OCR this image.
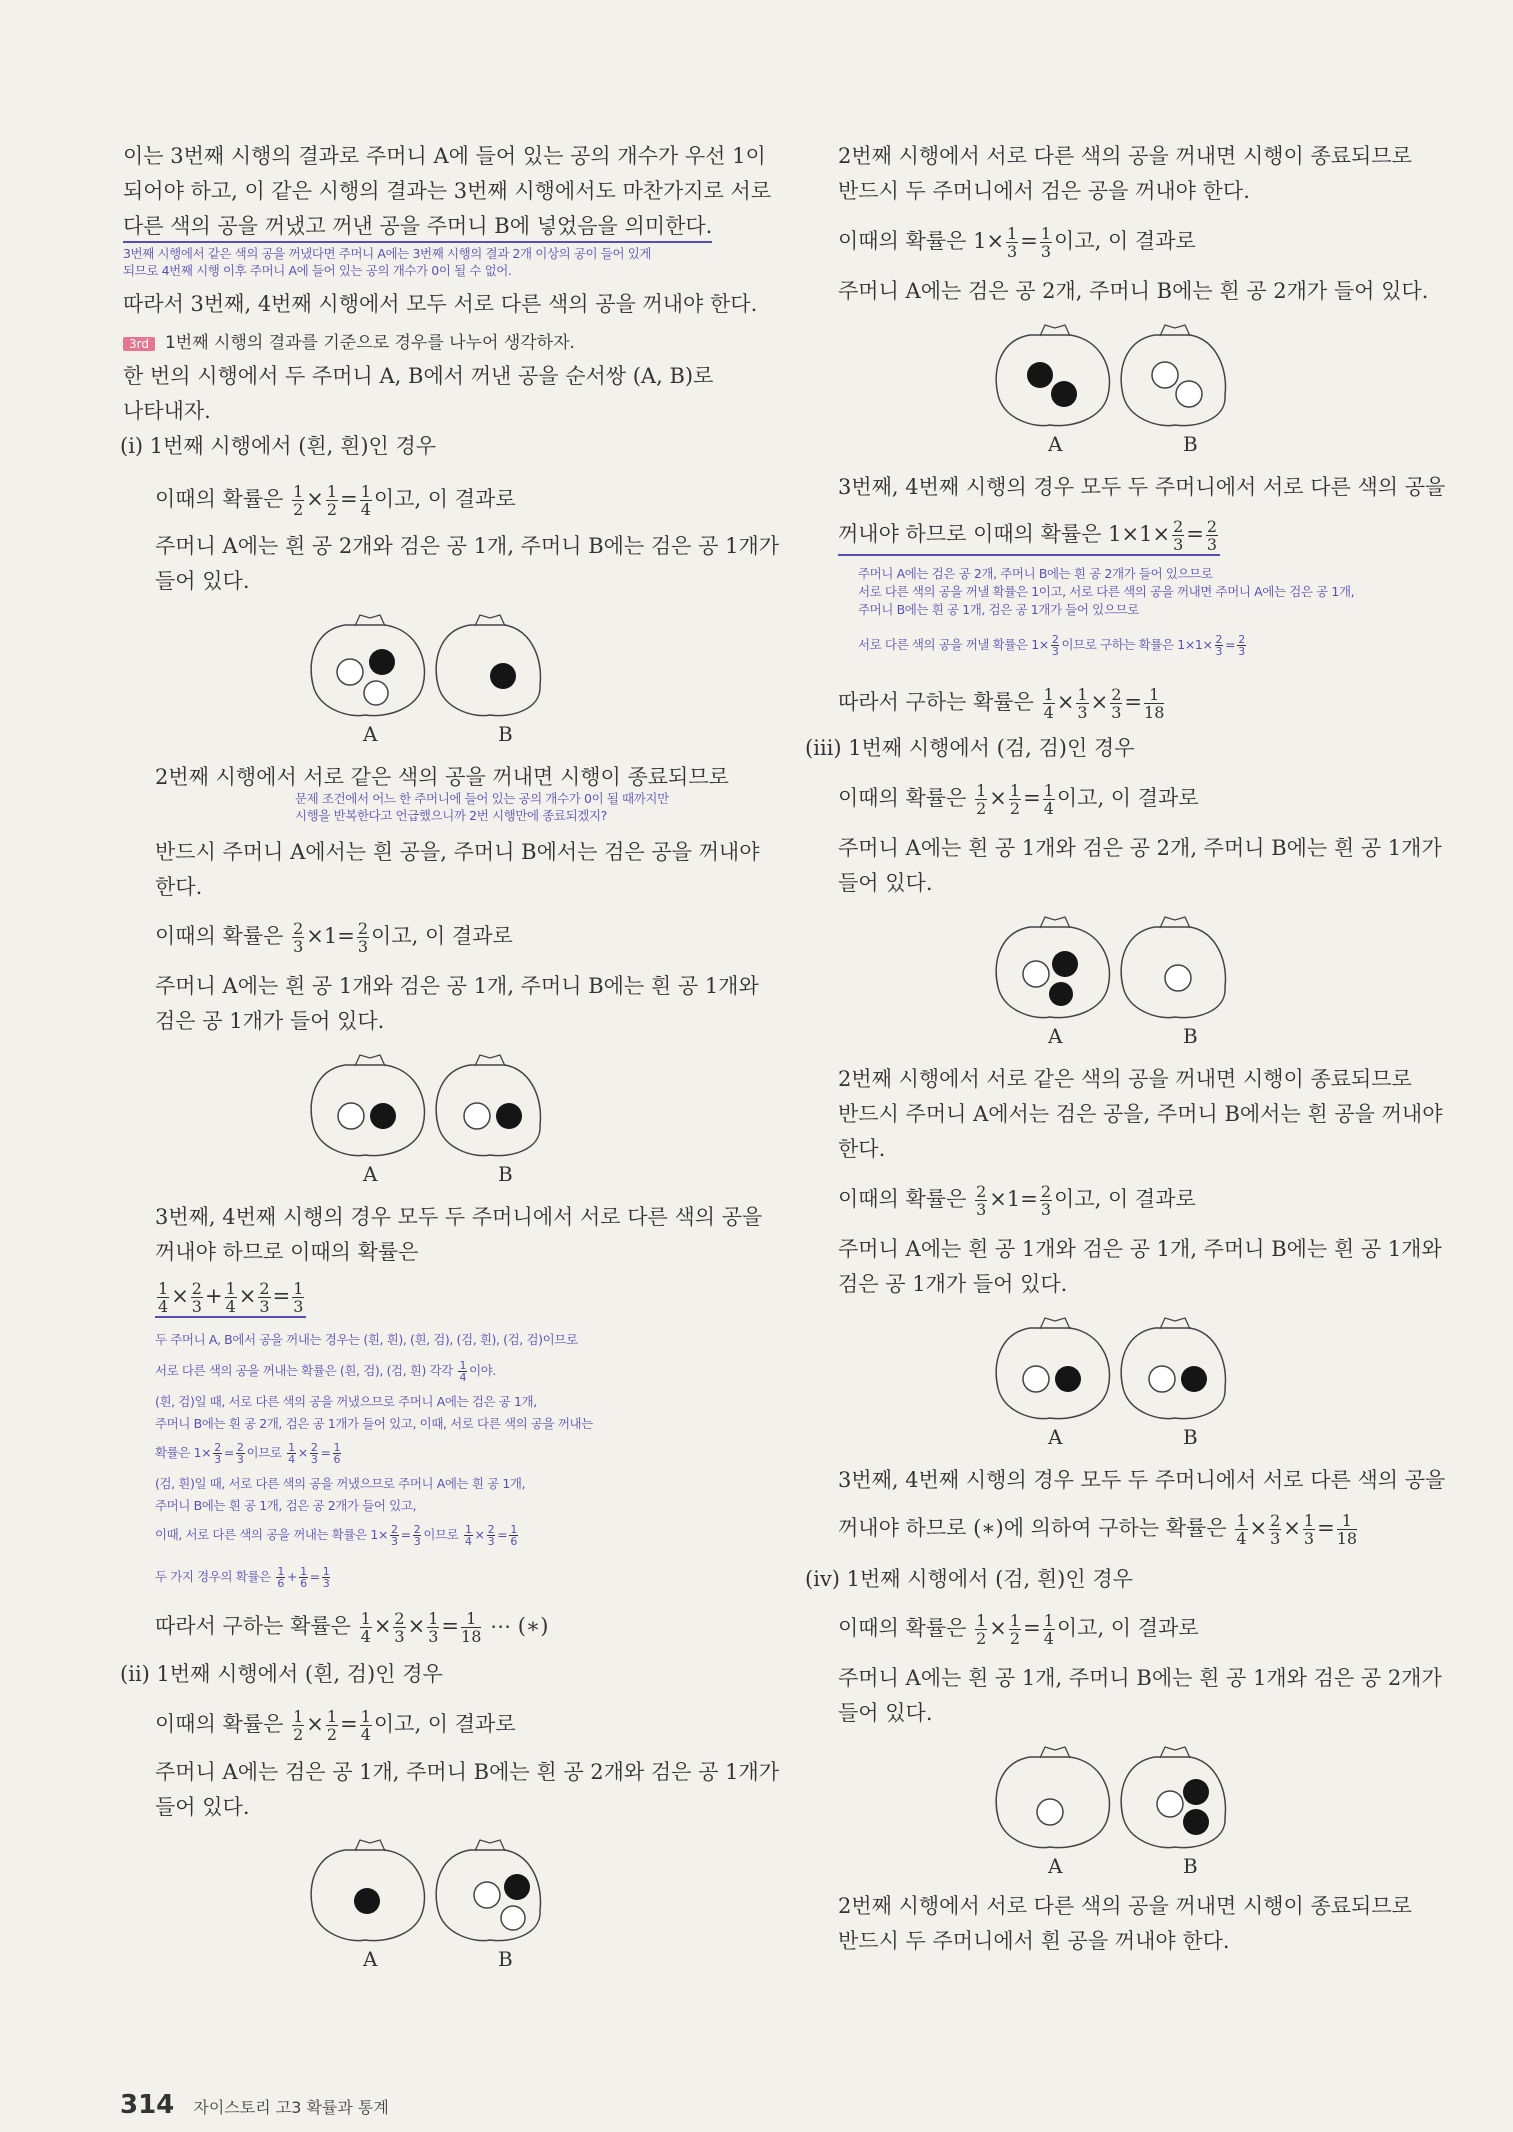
이는 3번째 시행의 결과로 주머니 A에 들어 있는 공의 개수가 우선 1이
되어야 하고, 이 같은 시행의 결과는 3번째 시행에서도 마찬가지로 서로
다른 색의 공을 꺼냈고 꺼낸 공을 주머니 B에 넣었음을 의미한다.
3번째 시행에서 같은 색의 공을 꺼냈다면 주머니 A에는 3번째 시행의 결과 2개 이상의 공이 들어 있게
되므로 4번째 시행 이후 주머니 A에 들어 있는 공의 개수가 0이 될 수 없어.
따라서 3번째, 4번째 시행에서 모두 서로 다른 색의 공을 꺼내야 한다.
3rd 1번째 시행의 결과를 기준으로 경우를 나누어 생각하자.
한 번의 시행에서 두 주머니 A, B에서 꺼낸 공을 순서쌍 (A, B)로
나타내자.
(ⅰ) 1번째 시행에서 (흰, 흰)인 경우
이때의 확률은 $\frac{1}{2} \times \frac{1}{2} = \frac{1}{4}$ 이고, 이 결과로
주머니 A에는 흰 공 2개와 검은 공 1개, 주머니 B에는 검은 공 1개가
들어 있다.
A	B
2번째 시행에서 서로 같은 색의 공을 꺼내면 시행이 종료되므로
문제 조건에서 어느 한 주머니에 들어 있는 공의 개수가 0이 될 때까지만
시행을 반복한다고 언급했으니까 2번 시행만에 종료되겠지?
반드시 주머니 A에서는 흰 공을, 주머니 B에서는 검은 공을 꺼내야
한다.
이때의 확률은 $\frac{2}{3} \times 1= \frac{2}{3}$ 이고, 이 결과로
주머니 A에는 흰 공 1개와 검은 공 1개, 주머니 B에는 흰 공 1개와
검은 공 1개가 들어 있다.
A	B
3번째, 4번째 시행의 경우 모두 두 주머니에서 서로 다른 색의 공을
꺼내야 하므로 이때의 확률은
$\frac{1}{4} \times \frac{2}{3} + \frac{1}{4} \times \frac{2}{3} = \frac{1}{3}$
두 주머니 A, B에서 공을 꺼내는 경우는 (흰, 흰), (흰, 검), (검, 흰), (검, 검)이므로
서로 다른 색의 공을 꺼내는 확률은 (흰, 검), (검, 흰) 각각 $\frac{1}{4}$ 이야.
(흰, 검)일 때, 서로 다른 색의 공을 꺼냈으므로 주머니 A에는 검은 공 1개,
주머니 B에는 흰 공 2개, 검은 공 1개가 들어 있고, 이때, 서로 다른 색의 공을 꺼내는
확률은 $1\times \frac{2}{3} = \frac{2}{3}$ 이므로 $\frac{1}{4} \times \frac{2}{3} = \frac{1}{6}$
(검, 흰)일 때, 서로 다른 색의 공을 꺼냈으므로 주머니 A에는 흰 공 1개,
주머니 B에는 흰 공 1개, 검은 공 2개가 들어 있고,
이때, 서로 다른 색의 공을 꺼내는 확률은 $1\times \frac{2}{3} = \frac{2}{3}$ 이므로 $\frac{1}{4} \times \frac{2}{3} = \frac{1}{6}$
두 가지 경우의 확률은 $\frac{1}{6} + \frac{1}{6} = \frac{1}{3}$
따라서 구하는 확률은 $\frac{1}{4} \times \frac{2}{3} \times \frac{1}{3} = \frac{1}{18}$ ⋯ (∗)
(ⅱ) 1번째 시행에서 (흰, 검)인 경우
이때의 확률은 $\frac{1}{2} \times \frac{1}{2} = \frac{1}{4}$ 이고, 이 결과로
주머니 A에는 검은 공 1개, 주머니 B에는 흰 공 2개와 검은 공 1개가
들어 있다.
A	B
2번째 시행에서 서로 다른 색의 공을 꺼내면 시행이 종료되므로
반드시 두 주머니에서 검은 공을 꺼내야 한다.
이때의 확률은 $1\times \frac{1}{3} = \frac{1}{3}$ 이고, 이 결과로
주머니 A에는 검은 공 2개, 주머니 B에는 흰 공 2개가 들어 있다.
A	B
3번째, 4번째 시행의 경우 모두 두 주머니에서 서로 다른 색의 공을
꺼내야 하므로 이때의 확률은 $1\times 1\times \frac{2}{3} = \frac{2}{3}$
주머니 A에는 검은 공 2개, 주머니 B에는 흰 공 2개가 들어 있으므로
서로 다른 색의 공을 꺼낼 확률은 1이고, 서로 다른 색의 공을 꺼내면 주머니 A에는 검은 공 1개,
주머니 B에는 흰 공 1개, 검은 공 1개가 들어 있으므로
서로 다른 색의 공을 꺼낼 확률은 $1\times \frac{2}{3}$ 이므로 구하는 확률은 $1\times 1\times \frac{2}{3} = \frac{2}{3}$
따라서 구하는 확률은 $\frac{1}{4} \times \frac{1}{3} \times \frac{2}{3} = \frac{1}{18}$
(ⅲ) 1번째 시행에서 (검, 검)인 경우
이때의 확률은 $\frac{1}{2} \times \frac{1}{2} = \frac{1}{4}$ 이고, 이 결과로
주머니 A에는 흰 공 1개와 검은 공 2개, 주머니 B에는 흰 공 1개가
들어 있다.
A	B
2번째 시행에서 서로 같은 색의 공을 꺼내면 시행이 종료되므로
반드시 주머니 A에서는 검은 공을, 주머니 B에서는 흰 공을 꺼내야
한다.
이때의 확률은 $\frac{2}{3} \times 1= \frac{2}{3}$ 이고, 이 결과로
주머니 A에는 흰 공 1개와 검은 공 1개, 주머니 B에는 흰 공 1개와
검은 공 1개가 들어 있다.
A	B
3번째, 4번째 시행의 경우 모두 두 주머니에서 서로 다른 색의 공을
꺼내야 하므로 (∗)에 의하여 구하는 확률은 $\frac{1}{4} \times \frac{2}{3} \times \frac{1}{3} = \frac{1}{18}$
(ⅳ) 1번째 시행에서 (검, 흰)인 경우
이때의 확률은 $\frac{1}{2} \times \frac{1}{2} = \frac{1}{4}$ 이고, 이 결과로
주머니 A에는 흰 공 1개, 주머니 B에는 흰 공 1개와 검은 공 2개가
들어 있다.
A	B
2번째 시행에서 서로 다른 색의 공을 꺼내면 시행이 종료되므로
반드시 두 주머니에서 흰 공을 꺼내야 한다.
314 자이스토리 고3 확률과 통계
